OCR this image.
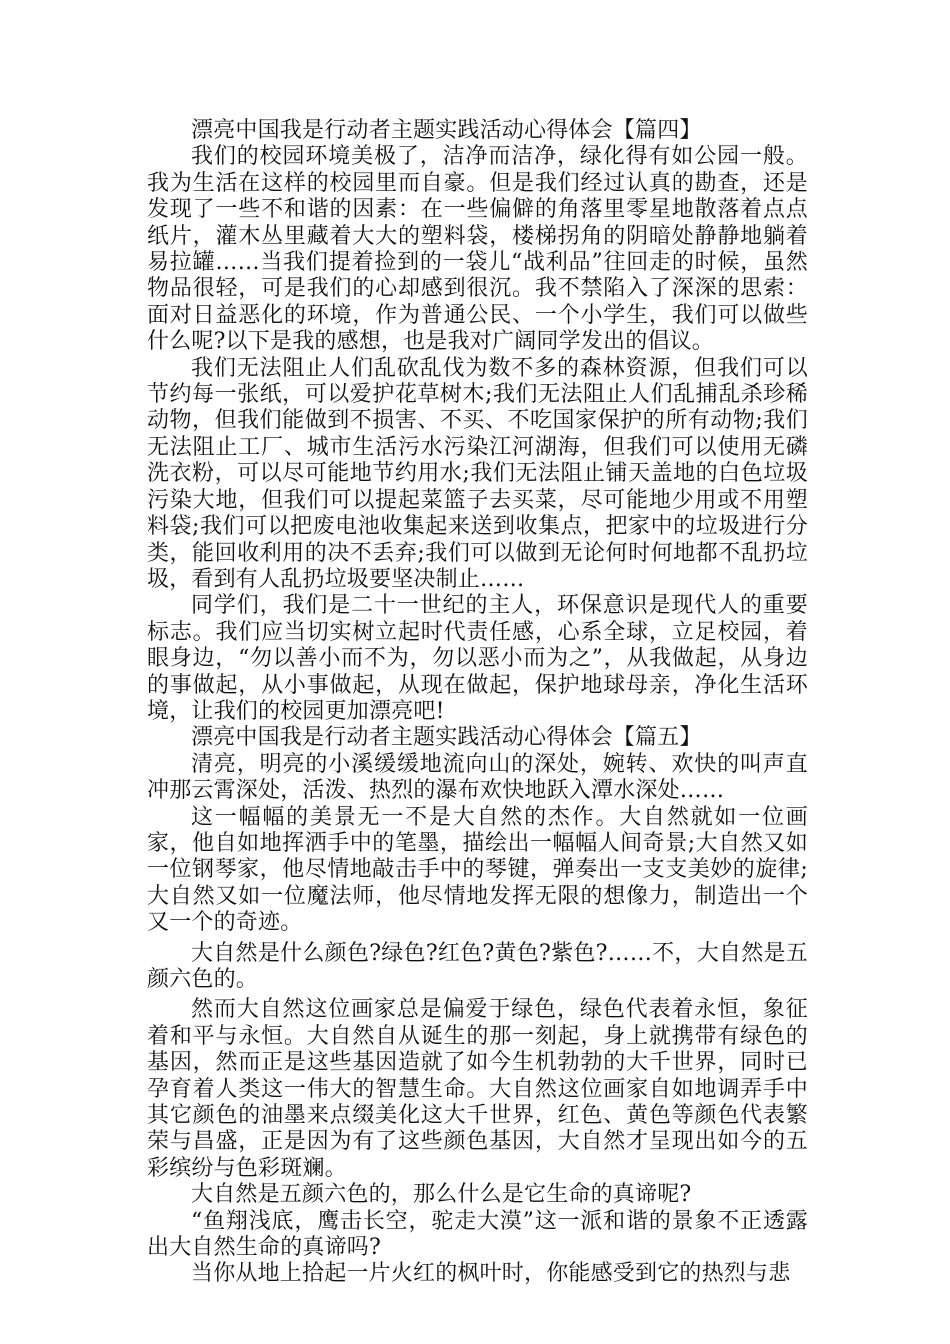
漂亮中国我是行动者主题实践活动心得体会【篇四】

我们的校园环境美极了，洁净而洁净，绿化得有如公园一般。我为生活在这样的校园里而自豪。但是我们经过认真的勘查，还是发现了一些不和谐的因素：在一些偏僻的角落里零星地散落着点点纸片，灌木丛里藏着大大的塑料袋，楼梯拐角的阴暗处静静地躺着易拉罐……当我们提着捡到的一袋儿“战利品”往回走的时候，虽然物品很轻，可是我们的心却感到很沉。我不禁陷入了深深的思索：面对日益恶化的环境，作为普通公民、一个小学生，我们可以做些什么呢?以下是我的感想，也是我对广阔同学发出的倡议。

我们无法阻止人们乱砍乱伐为数不多的森林资源，但我们可以节约每一张纸，可以爱护花草树木;我们无法阻止人们乱捕乱杀珍稀动物，但我们能做到不损害、不买、不吃国家保护的所有动物;我们无法阻止工厂、城市生活污水污染江河湖海，但我们可以使用无磷洗衣粉，可以尽可能地节约用水;我们无法阻止铺天盖地的白色垃圾污染大地，但我们可以提起菜篮子去买菜，尽可能地少用或不用塑料袋;我们可以把废电池收集起来送到收集点，把家中的垃圾进行分类，能回收利用的决不丢弃;我们可以做到无论何时何地都不乱扔垃圾，看到有人乱扔垃圾要坚决制止……

同学们，我们是二十一世纪的主人，环保意识是现代人的重要标志。我们应当切实树立起时代责任感，心系全球，立足校园，着眼身边，“勿以善小而不为，勿以恶小而为之”，从我做起，从身边的事做起，从小事做起，从现在做起，保护地球母亲，净化生活环境，让我们的校园更加漂亮吧!

漂亮中国我是行动者主题实践活动心得体会【篇五】

清亮，明亮的小溪缓缓地流向山的深处，婉转、欢快的叫声直冲那云霄深处，活泼、热烈的瀑布欢快地跃入潭水深处……

这一幅幅的美景无一不是大自然的杰作。大自然就如一位画家，他自如地挥洒手中的笔墨，描绘出一幅幅人间奇景;大自然又如一位钢琴家，他尽情地敲击手中的琴键，弹奏出一支支美妙的旋律;大自然又如一位魔法师，他尽情地发挥无限的想像力，制造出一个又一个的奇迹。

大自然是什么颜色?绿色?红色?黄色?紫色?……不，大自然是五颜六色的。

然而大自然这位画家总是偏爱于绿色，绿色代表着永恒，象征着和平与永恒。大自然自从诞生的那一刻起，身上就携带有绿色的基因，然而正是这些基因造就了如今生机勃勃的大千世界，同时已孕育着人类这一伟大的智慧生命。大自然这位画家自如地调弄手中其它颜色的油墨来点缀美化这大千世界，红色、黄色等颜色代表繁荣与昌盛，正是因为有了这些颜色基因，大自然才呈现出如今的五彩缤纷与色彩斑斓。

大自然是五颜六色的，那么什么是它生命的真谛呢?

“鱼翔浅底，鹰击长空，驼走大漠”这一派和谐的景象不正透露出大自然生命的真谛吗?

当你从地上拾起一片火红的枫叶时，你能感受到它的热烈与悲
